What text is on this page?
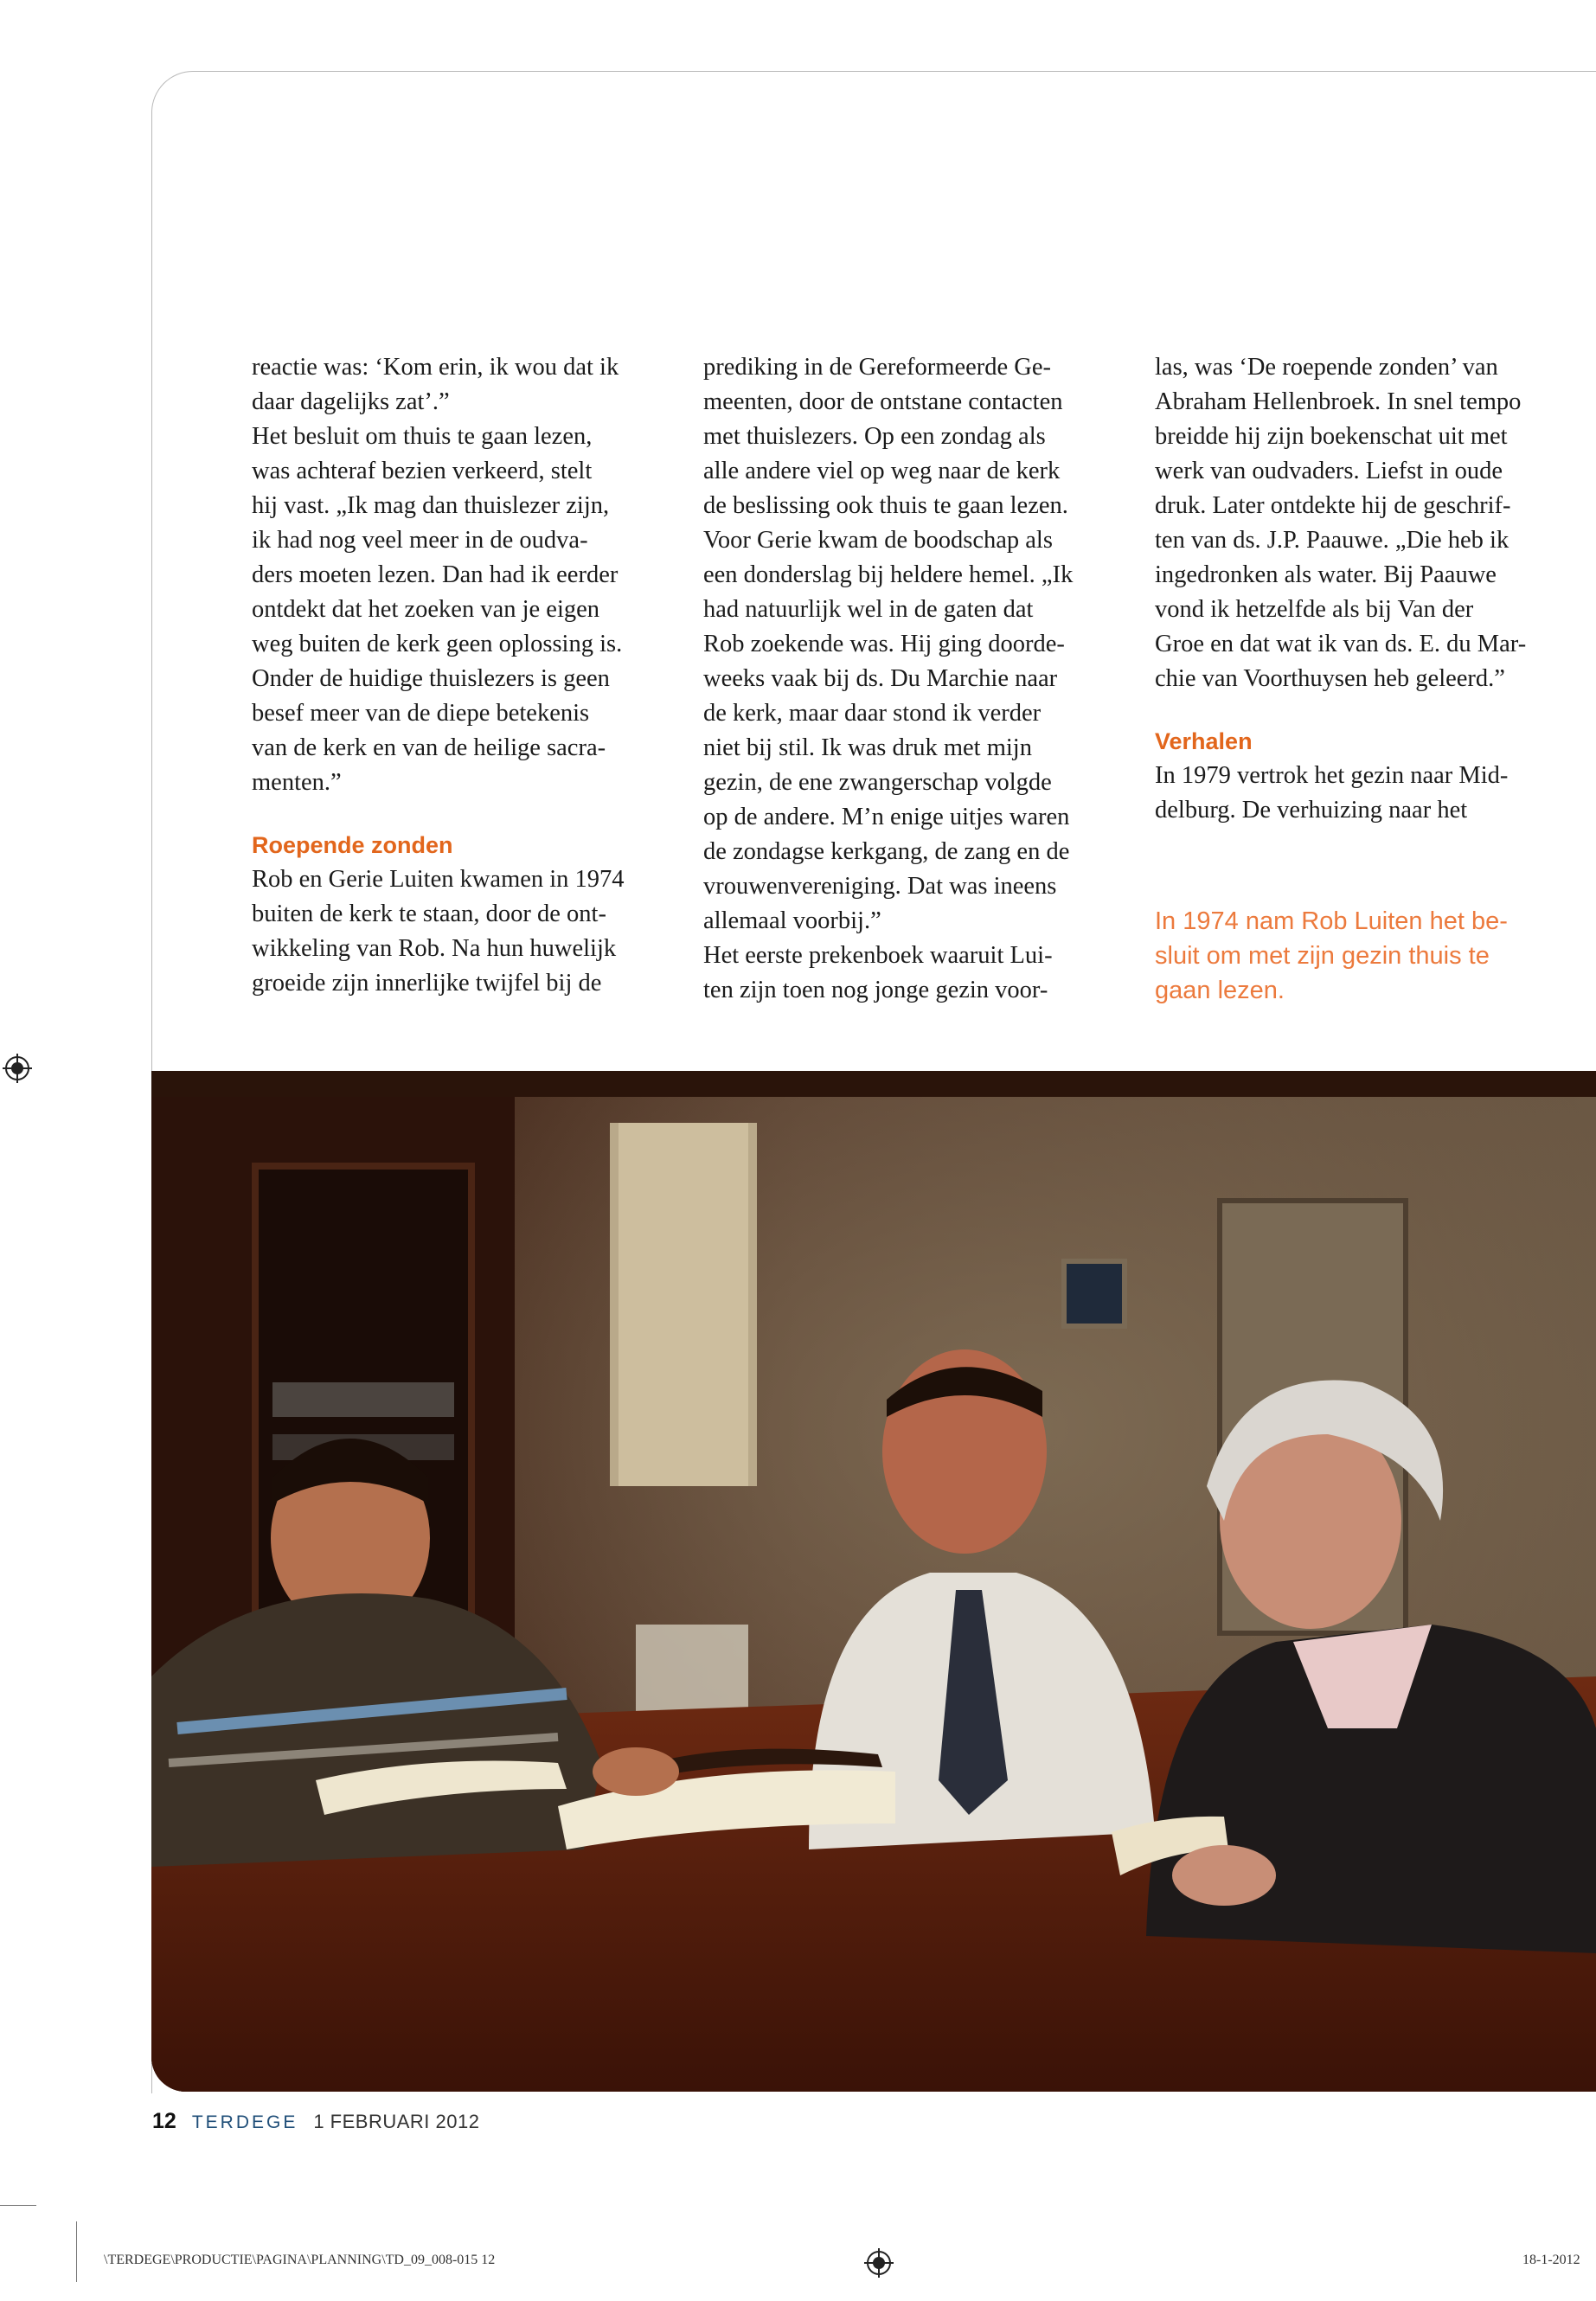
reactie was: ‘Kom erin, ik wou dat ik
daar dagelijks zat’.”
Het besluit om thuis te gaan lezen,
was achteraf bezien verkeerd, stelt
hij vast. „Ik mag dan thuislezer zijn,
ik had nog veel meer in de oudva-
ders moeten lezen. Dan had ik eerder
ontdekt dat het zoeken van je eigen
weg buiten de kerk geen oplossing is.
Onder de huidige thuislezers is geen
besef meer van de diepe betekenis
van de kerk en van de heilige sacra-
menten.”

Roepende zonden

Rob en Gerie Luiten kwamen in 1974
buiten de kerk te staan, door de ont-
wikkeling van Rob. Na hun huwelijk
groeide zijn innerlijke twijfel bij de

prediking in de Gereformeerde Ge-
meenten, door de ontstane contacten
met thuislezers. Op een zondag als
alle andere viel op weg naar de kerk
de beslissing ook thuis te gaan lezen.
Voor Gerie kwam de boodschap als
een donderslag bij heldere hemel. „Ik
had natuurlijk wel in de gaten dat
Rob zoekende was. Hij ging doorde-
weeks vaak bij ds. Du Marchie naar
de kerk, maar daar stond ik verder
niet bij stil. Ik was druk met mijn
gezin, de ene zwangerschap volgde
op de andere. M’n enige uitjes waren
de zondagse kerkgang, de zang en de
vrouwenvereniging. Dat was ineens
allemaal voorbij.”
Het eerste prekenboek waaruit Lui-
ten zijn toen nog jonge gezin voor-

las, was ‘De roepende zonden’ van
Abraham Hellenbroek. In snel tempo
breidde hij zijn boekenschat uit met
werk van oudvaders. Liefst in oude
druk. Later ontdekte hij de geschrif-
ten van ds. J.P. Paauwe. „Die heb ik
ingedronken als water. Bij Paauwe
vond ik hetzelfde als bij Van der
Groe en dat wat ik van ds. E. du Mar-
chie van Voorthuysen heb geleerd.”

Verhalen

In 1979 vertrok het gezin naar Mid-
delburg. De verhuizing naar het

In 1974 nam Rob Luiten het be-
sluit om met zijn gezin thuis te
gaan lezen.
12 TERDEGE 1 FEBRUARI 2012
\TERDEGE\PRODUCTIE\PAGINA\PLANNING\TD_09_008-015 12	18-1-2012
